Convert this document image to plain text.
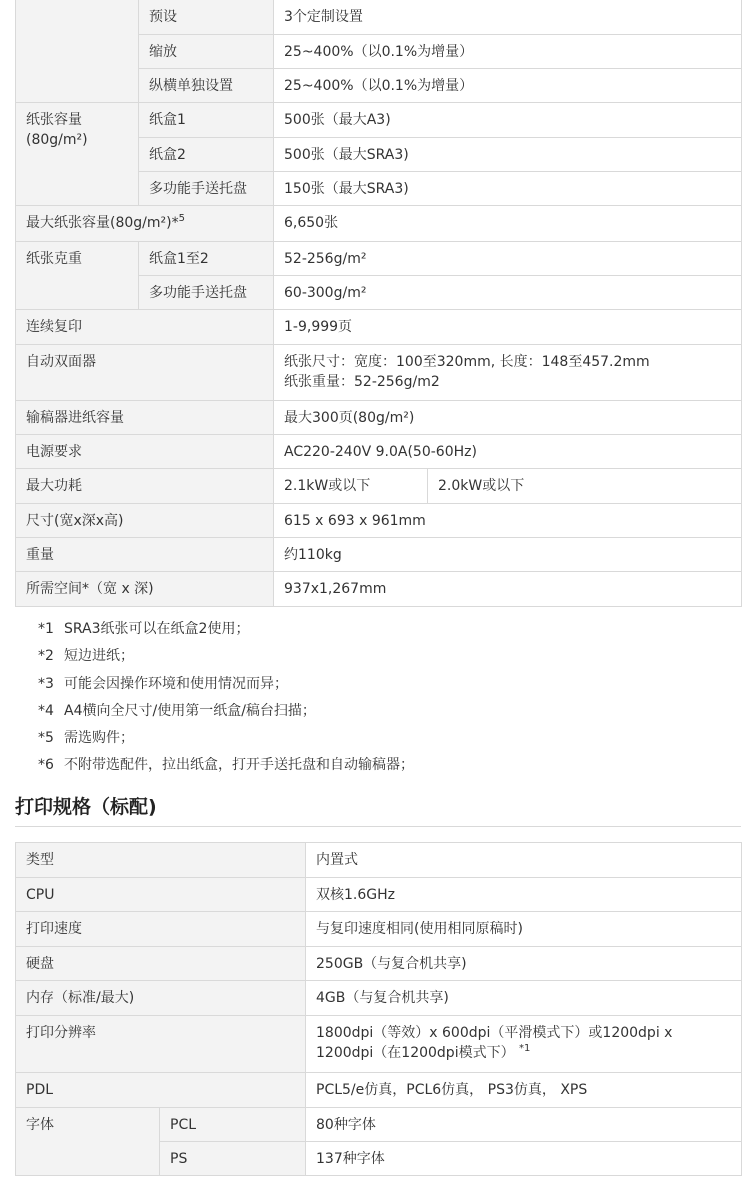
	预设	3个定制设置	
	缩放	25~400%（以0.1%为增量）	
	纵横单独设置	25~400%（以0.1%为增量）	

纸张容量
(80g/m²)	纸盒1	500张（最大A3)	
	纸盒2	500张（最大SRA3)	
	多功能手送托盘	150张（最大SRA3)	
最大纸张容量(80g/m²)*$^5$		6,650张	
纸张克重	纸盒1至2	52-256g/m²	
	多功能手送托盘	60-300g/m²	
连续复印		1-9,999页	
自动双面器		纸张尺寸：宽度：100至320mm, 长度：148至457.2mm
纸张重量：52-256g/m2	

输稿器进纸容量		最大300页(80g/m²)	
电源要求		AC220-240V 9.0A(50-60Hz)	
最大功耗		2.1kW或以下	2.0kW或以下
尺寸(宽x深x高)		615 x 693 x 961mm	
重量		约110kg	
所需空间*（宽 x 深)		937x1,267mm	
*1 SRA3纸张可以在纸盒2使用；
*2 短边进纸；
*3 可能会因操作环境和使用情况而异；
*4 A4横向全尺寸/使用第一纸盒/稿台扫描；
*5 需选购件；
*6 不附带选配件，拉出纸盒，打开手送托盘和自动输稿器；
打印规格（标配)
类型		内置式
CPU		双核1.6GHz
打印速度		与复印速度相同(使用相同原稿时)
硬盘		250GB（与复合机共享)
内存（标准/最大)		4GB（与复合机共享)
打印分辨率		1800dpi（等效）x 600dpi（平滑模式下）或1200dpi x
1200dpi（在1200dpi模式下） $^{*1}$

PDL		PCL5/e仿真，PCL6仿真， PS3仿真， XPS
字体	PCL	80种字体
	PS	137种字体
